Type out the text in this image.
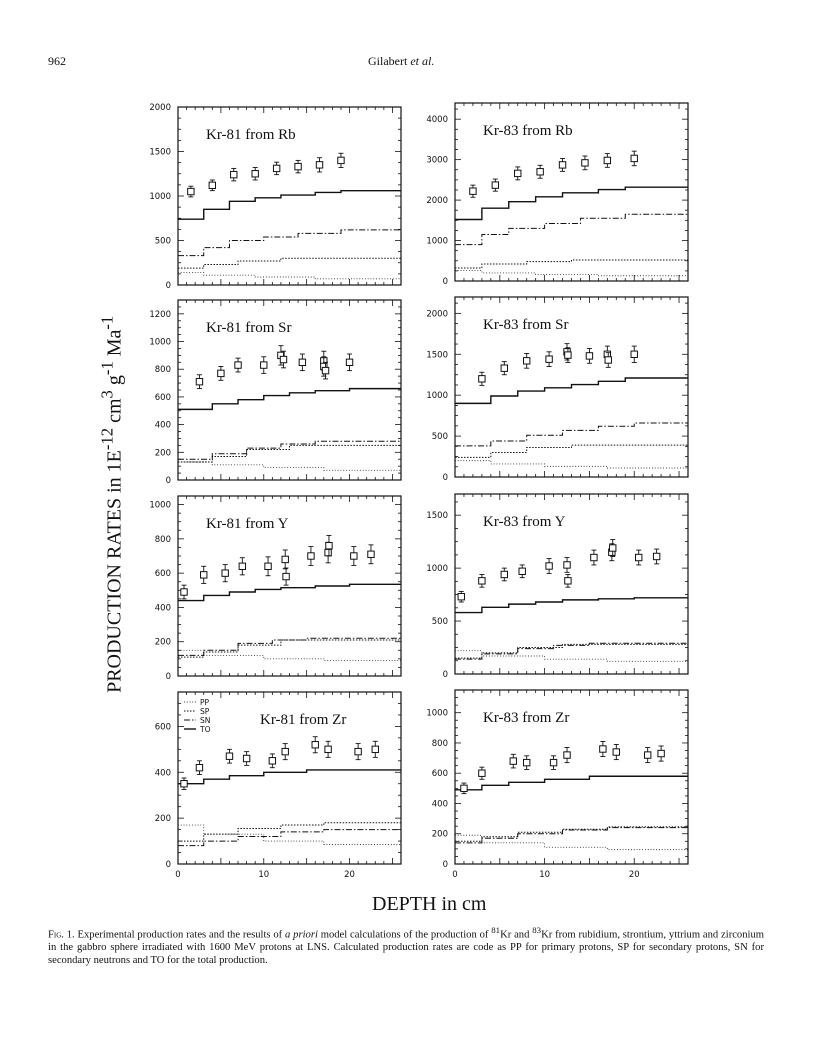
962	Gilabert et al.
0
500
1000
1500
2000
Kr-81 from Rb
0
1000
2000
3000
4000
Kr-83 from Rb
0
200
400
600
800
1000
1200
Kr-81 from Sr
0
500
1000
1500
2000
Kr-83 from Sr
0
200
400
600
800
1000
Kr-81 from Y
0
500
1000
1500 Kr-83 from Y
0
200
400
600
0	10	20
Kr-81 from Zr
0
200
400
600
800
1000
0	10	20
Kr-83 from Zr
PP
SP
SN
TO
PRODUCTION RATES in $1E^{-12}$ $cm^3$ $g^{-1}$ $Ma^{-1}$
DEPTH in cm
Fig. 1. Experimental production rates and the results of a priori model calculations of the production of $^{81}$Kr and $^{83}$Kr from rubidium, strontium, yttrium and zirconium in the gabbro sphere irradiated with 1600 MeV protons at LNS. Calculated production rates are code as PP for primary protons, SP for secondary protons, SN for secondary neutrons and TO for the total production.
